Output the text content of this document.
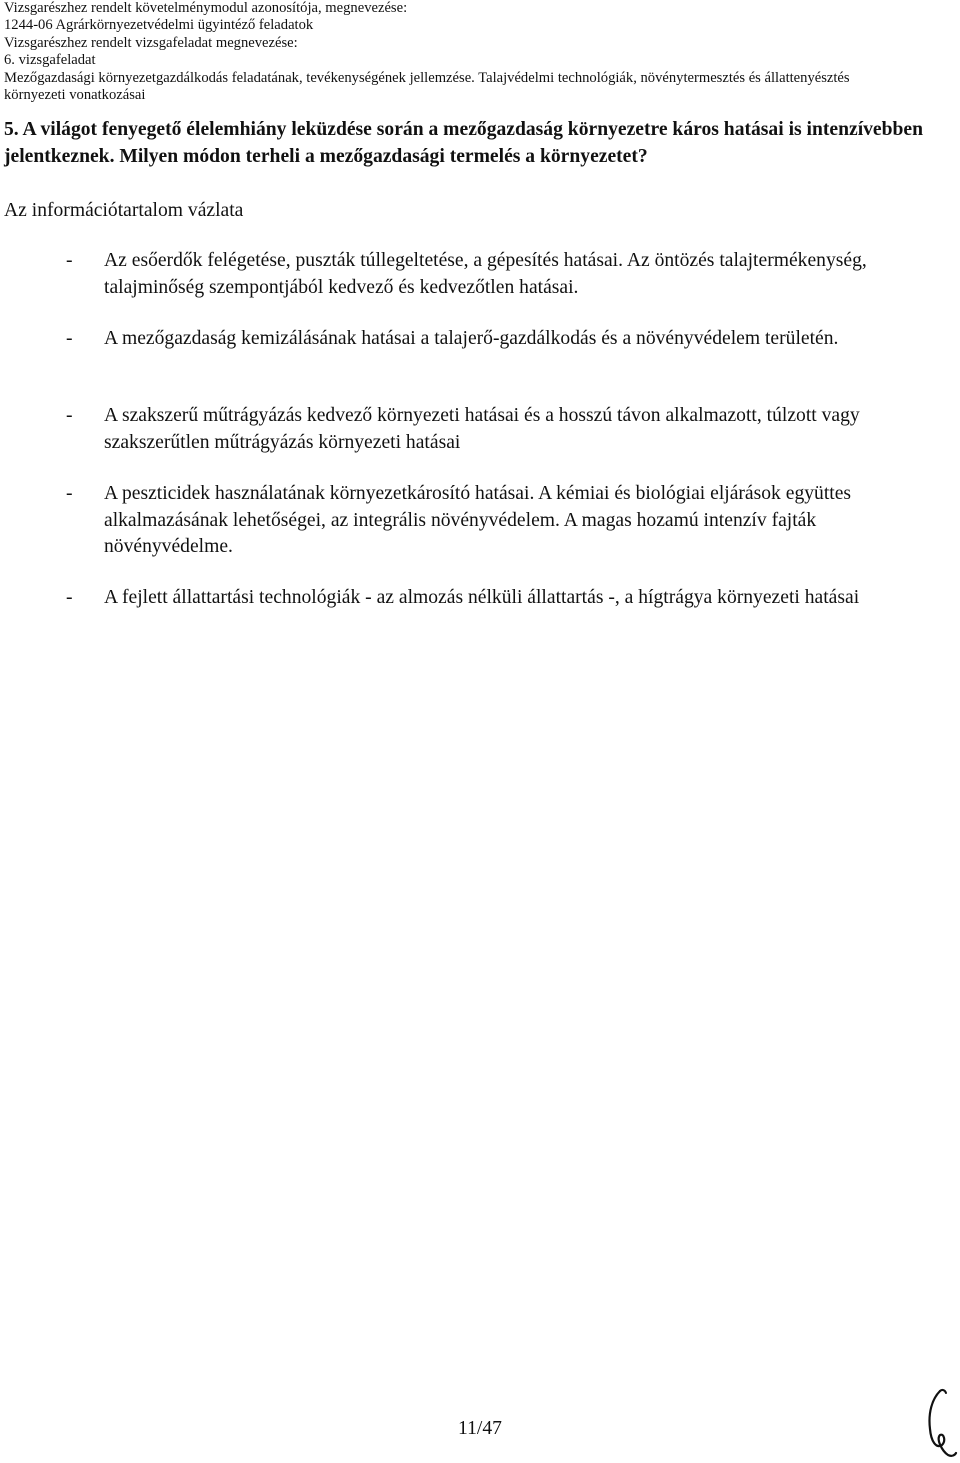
Vizsgarészhez rendelt követelménymodul azonosítója, megnevezése:
1244-06 Agrárkörnyezetvédelmi ügyintéző feladatok
Vizsgarészhez rendelt vizsgafeladat megnevezése:
6. vizsgafeladat
Mezőgazdasági környezetgazdálkodás feladatának, tevékenységének jellemzése. Talajvédelmi technológiák, növénytermesztés és állattenyésztés
környezeti vonatkozásai
5. A világot fenyegető élelemhiány leküzdése során a mezőgazdaság környezetre káros hatásai is intenzívebben jelentkeznek. Milyen módon terheli a mezőgazdasági termelés a környezetet?
Az információtartalom vázlata
-	Az esőerdők felégetése, puszták túllegeltetése, a gépesítés hatásai. Az öntözés talajtermékenység, talajminőség szempontjából kedvező és kedvezőtlen hatásai.
-	A mezőgazdaság kemizálásának hatásai a talajerő-gazdálkodás és a növényvédelem területén.
-	A szakszerű műtrágyázás kedvező környezeti hatásai és a hosszú távon alkalmazott, túlzott vagy szakszerűtlen műtrágyázás környezeti hatásai
-	A peszticidek használatának környezetkárosító hatásai. A kémiai és biológiai eljárások együttes alkalmazásának lehetőségei, az integrális növényvédelem. A magas hozamú intenzív fajták növényvédelme.
-	A fejlett állattartási technológiák - az almozás nélküli állattartás -, a hígtrágya környezeti hatásai
11/47
